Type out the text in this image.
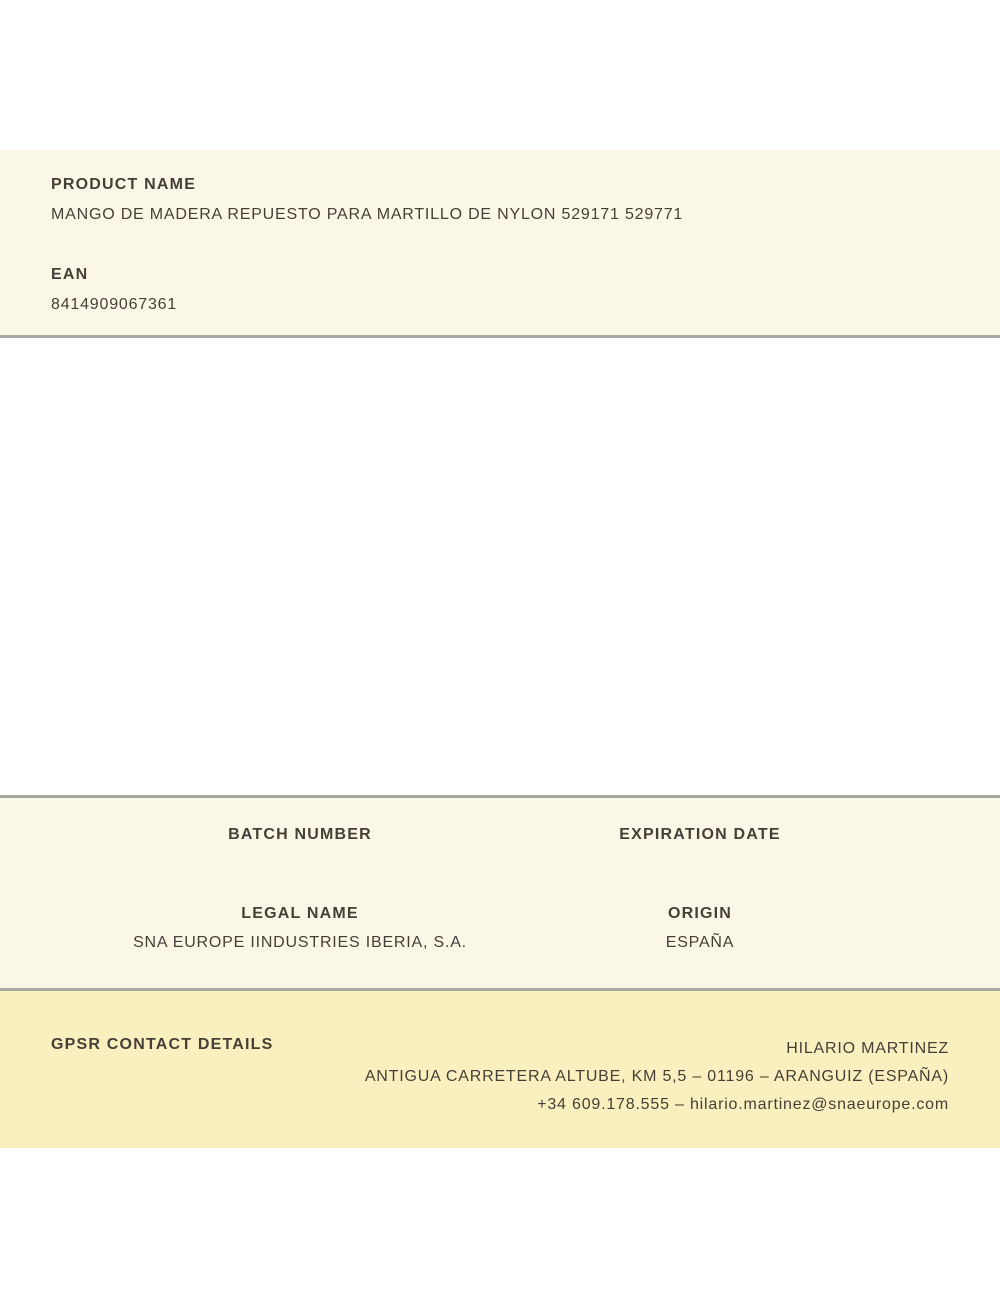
PRODUCT NAME
MANGO DE MADERA REPUESTO PARA MARTILLO DE NYLON 529171 529771
EAN
8414909067361
BATCH NUMBER	EXPIRATION DATE
LEGAL NAME
SNA EUROPE IINDUSTRIES IBERIA, S.A.
ORIGIN
ESPAÑA
GPSR CONTACT DETAILS	HILARIO MARTINEZ
ANTIGUA CARRETERA ALTUBE, KM 5,5 – 01196 – ARANGUIZ (ESPAÑA)
+34 609.178.555 – hilario.martinez@snaeurope.com
